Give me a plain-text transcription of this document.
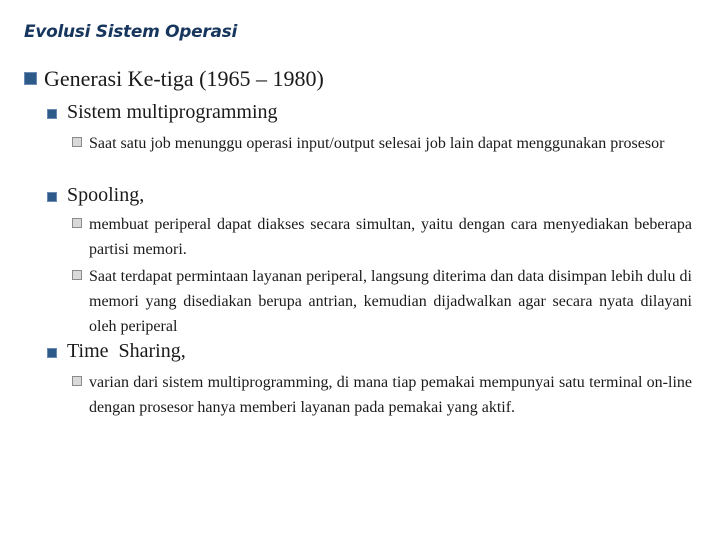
Evolusi Sistem Operasi
Generasi Ke-tiga (1965 – 1980)
Sistem multiprogramming
Saat satu job menunggu operasi input/output selesai job lain dapat menggunakan prosesor
Spooling,
membuat periperal dapat diakses secara simultan, yaitu dengan cara menyediakan beberapa partisi memori.
Saat terdapat permintaan layanan periperal, langsung diterima dan data disimpan lebih dulu di memori yang disediakan berupa antrian, kemudian dijadwalkan agar secara nyata dilayani oleh periperal
Time  Sharing,
varian dari sistem multiprogramming, di mana tiap pemakai mempunyai satu terminal on-line dengan prosesor hanya memberi layanan pada pemakai yang aktif.
